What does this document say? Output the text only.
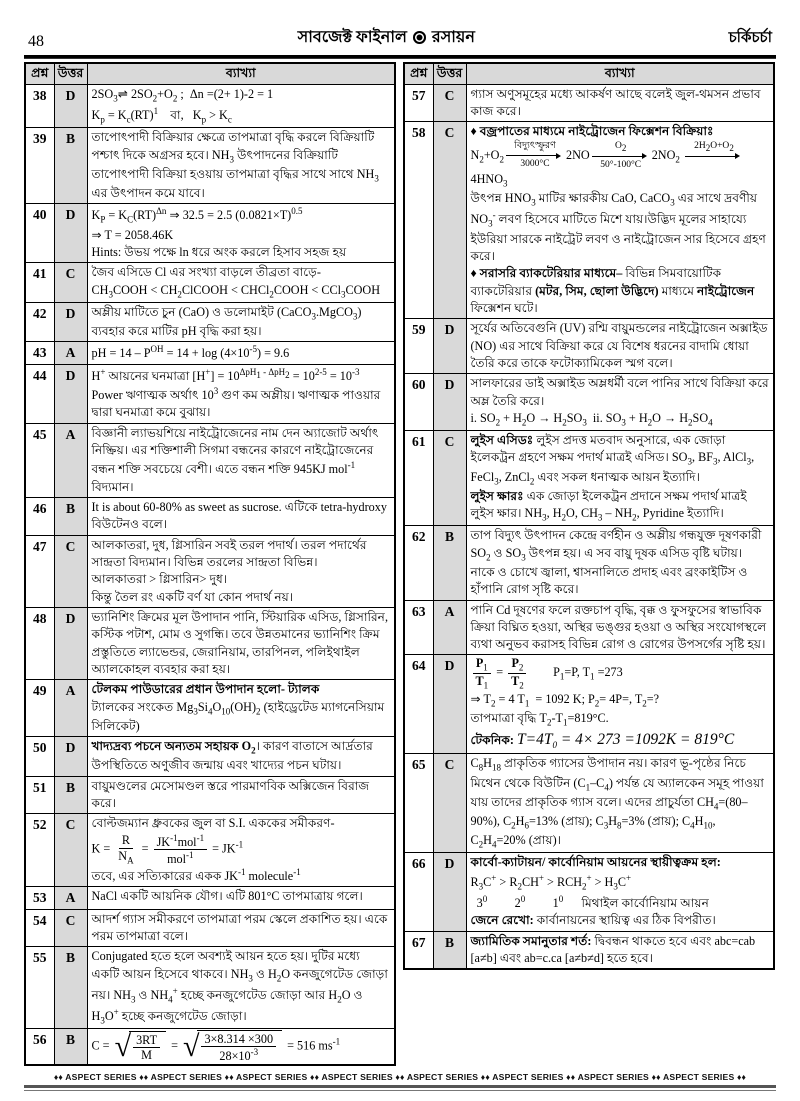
48	সাবজেক্ট ফাইনাল রসায়ন	চর্কিচর্চা
প্রশ্ন	উত্তর	ব্যাখ্যা
38	D	$2SO_3\rightleftharpoons$ $2SO_2+O_2$ ;  Δn =(2+ 1)-2 = 1
$K_p = K_c(RT)^1$    বা,   $K_p > K_c$
39	B	তাপোৎপাদী বিক্রিয়ার ক্ষেত্রে তাপমাত্রা বৃদ্ধি করলে বিক্রিয়াটি পশ্চাৎ দিকে অগ্রসর হবে। $NH_3$ উৎপাদনের বিক্রিয়াটি তাপোৎপাদী বিক্রিয়া হওয়ায় তাপমাত্রা বৃদ্ধির সাথে সাথে $NH_3$ এর উৎপাদন কমে যাবে।
40	D	$K_P = K_C(RT)^{\Delta n}$ ⇒ 32.5 = 2.5 $(0.0821\times T)^{0.5}$
⇒ T = 2058.46K
Hints: উভয় পক্ষে ln ধরে অংক করলে হিসাব সহজ হয়
41	C	জৈব এসিডে Cl এর সংখ্যা বাড়লে তীব্রতা বাড়ে-
$CH_3COOH$ < $CH_2ClCOOH$ < CHCl$_2$COOH < CCl$_3$COOH
42	D	অম্লীয় মাটিতে চুন (CaO) ও ডলোমাইট (CaCO$_3$.MgCO$_3$) ব্যবহার করে মাটির pH বৃদ্ধি করা হয়।
43	A	pH = $14 - P^{OH} = 14 + \log (4\times 10^{-5}) = 9.6$
44	D	H+ আয়নের ঘনমাত্রা $[H^+] = 10^{\Delta pH_1 - \Delta pH_2} = 10^{2-5} = 10^{-3}$
Power ঋণাত্মক অর্থাৎ $10^3$ গুণ কম অম্লীয়। ঋণাত্মক পাওয়ার দ্বারা ঘনমাত্রা কমে বুঝায়।
45	A	বিজ্ঞানী ল্যাভয়শিয়ে নাইট্রোজেনের নাম দেন অ্যাজোট অর্থাৎ নিষ্ক্রিয়। এর শক্তিশালী সিগমা বন্ধনের কারণে নাইট্রোজেনের বন্ধন শক্তি সবচেয়ে বেশী। এতে বন্ধন শক্তি 945KJ mol$^{-1}$ বিদ্যমান।
46	B	It is about 60-80% as sweet as sucrose. এটিকে tetra-hydroxy বিউটেনও বলে।
47	C	আলকাতরা, দুধ, গ্লিসারিন সবই তরল পদার্থ। তরল পদার্থের সান্দ্রতা বিদ্যমান। বিভিন্ন তরলের সান্দ্রতা বিভিন্ন।
আলকাতরা > গ্লিসারিন> দুধ।
কিন্তু তৈল রং একটি বর্ণ যা কোন পদার্থ নয়।
48	D	ভ্যানিশিং ক্রিমের মূল উপাদান পানি, স্টিয়ারিক এসিড, গ্লিসারিন, কস্টিক পটাশ, মোম ও সুগন্ধি। তবে উন্নতমানের ভ্যানিশিং ক্রিম প্রস্তুতিতে ল্যাভেন্ডর, জেরানিয়াম, তারপিনল, পলিইথাইল অ্যালকোহল ব্যবহার করা হয়।
49	A	টেলকম পাউডারের প্রধান উপাদান হলো- ট্যালক
ট্যালকের সংকেত $Mg_3Si_4O_{10}(OH)_2$ (হাইড্রেটেড ম্যাগনেসিয়াম সিলিকেট)
50	D	খাদ্যদ্রব্য পচনে অন্যতম সহায়ক $O_2।$ কারণ বাতাসে আর্দ্রতার উপস্থিতিতে অণুজীব জন্মায় এবং খাদ্যের পচন ঘটায়।
51	B	বায়ুমণ্ডলের মেসোমণ্ডল স্তরে পারমাণবিক অক্সিজেন বিরাজ করে।
52	C	বোল্টজম্যান ধ্রুবকের জুল বা S.I. এককের সমীকরণ-
$K = \frac{R}{N_A} = JK^{-1}mol^{-1}$
$mol^{-1} = JK^{-1}$
তবে, এর সত্যিকারের একক $JK^{-1}$ molecule$^{-1}$
53	A	NaCl একটি আয়নিক যৌগ। এটি 801°C তাপমাত্রায় গলে।
54	C	আদর্শ গ্যাস সমীকরণে তাপমাত্রা পরম স্কেলে প্রকাশিত হয়। একে পরম তাপমাত্রা বলে।
55	B	Conjugated হতে হলে অবশ্যই আয়ন হতে হয়। দুটির মধ্যে একটি আয়ন হিসেবে থাকবে। $NH_3$ ও $H_2O$ কনজুগেটেড জোড়া নয়। $NH_3$ ও $NH_4^+$ হচ্ছে কনজুগেটেড জোড়া আর $H_2O$ ও $H_3O^+$ হচ্ছে কনজুগেটেড জোড়া।
56	B	C = √ 3RT
M
= √ 3×8.314 ×300
$28\times 10^{-3} = 516$ $ms^{-1}$
প্রশ্ন	উত্তর	ব্যাখ্যা
57	C	গ্যাস অণুসমূহের মধ্যে আকর্ষণ আছে বলেই জুল-থমসন প্রভাব কাজ করে।
58	C	♦ বজ্রপাতের মাধ্যমে নাইট্রোজেন ফিক্সেশন বিক্রিয়াঃ
$N_2+O_2$
বিদ্যুৎস্ফুরণ
3000°C
2NO
$O_2$
50°-100°C
$2NO_2$
$2H_2O+O_2$

$4HNO_3$
উৎপন্ন $HNO_3$ মাটির ক্ষারকীয় CaO, CaCO$_3$ এর সাথে দ্রবণীয় $NO_3^-$ লবণ হিসেবে মাটিতে মিশে যায়।উদ্ভিদ মূলের সাহায্যে ইউরিয়া সারকে নাইট্রেট লবণ ও নাইট্রোজেন সার হিসেবে গ্রহণ করে।
♦ সরাসরি ব্যাকটেরিয়ার মাধ্যমে– বিভিন্ন সিমবায়োটিক ব্যাকটেরিয়ার (মটর, সিম, ছোলা উদ্ভিদে) মাধ্যমে নাইট্রোজেন ফিক্সেশন ঘটে।
59	D	সূর্যের অতিবেগুনি (UV) রশ্মি বায়ুমন্ডলের নাইট্রোজেন অক্সাইড (NO) এর সাথে বিক্রিয়া করে যে বিশেষ ধরনের বাদামি ধোয়া তৈরি করে তাকে ফটোক্যামিকেল স্মগ বলে।
60	D	সালফারের ডাই অক্সাইড অম্লধর্মী বলে পানির সাথে বিক্রিয়া করে অম্ল তৈরি করে।
i. $SO_2 + H_2O \to H_2SO_3$  ii. $SO_3 + H_2O \to H_2SO_4$
61	C	লুইস এসিডঃ লুইস প্রদত্ত মতবাদ অনুসারে, এক জোড়া ইলেকট্রন গ্রহণে সক্ষম পদার্থ মাত্রই এসিড। $SO_3$, $BF_3$, AlCl$_3$, FeCl$_3$, ZnCl$_2$ এবং সকল ধনাত্মক আয়ন ইত্যাদি।
লুইস ক্ষারঃ এক জোড়া ইলেকট্রন প্রদানে সক্ষম পদার্থ মাত্রই লুইস ক্ষার। $NH_3$, $H_2O$, $CH_3 - NH_2$, Pyridine ইত্যাদি।
62	B	তাপ বিদ্যুৎ উৎপাদন কেন্দ্রে বর্ণহীন ও অম্লীয় গন্ধযুক্ত দূষণকারী $SO_2$ ও $SO_3$ উৎপন্ন হয়। এ সব বায়ু দূষক এসিড বৃষ্টি ঘটায়। নাকে ও চোখে জ্বালা, শ্বাসনালিতে প্রদাহ এবং ব্রংকাইটিস ও হাঁপানি রোগ সৃষ্টি করে।
63	A	পানি Cd দূষণের ফলে রক্তচাপ বৃদ্ধি, বৃক্ক ও ফুসফুসের স্বাভাবিক ক্রিয়া বিঘ্নিত হওয়া, অস্থির ভঙ্গুর হওয়া ও অস্থির সংযোগস্থলে ব্যথা অনুভব করাসহ বিভিন্ন রোগ ও রোগের উপসর্গের সৃষ্টি হয়।
64	D	$\frac{P_1}{T_1} = \frac{P_2}{T_2} P_1=P$, $T_1 =273$
⇒ $T_2 = 4$ $T_1 = 1092$ K; $P_2= 4P=$, $T_2=$?
তাপমাত্রা বৃদ্ধি $T_2-T_1=819^\circ C$.
টেকনিক: $T=4T_0 = 4\times 273 =1092K = 819^\circ C$
65	C	$C_8H_{18}$ প্রাকৃতিক গ্যাসের উপাদান নয়। কারণ ভূ-পৃষ্ঠের নিচে মিথেন থেকে বিউটিন $(C_1-C_4)$ পর্যন্ত যে অ্যালকেন সমূহ পাওয়া যায় তাদের প্রাকৃতিক গ্যাস বলে। এদের প্রাচুর্যতা $CH_4=(80-90\%)$, $C_2H_6=13\%$ (প্রায়); $C_3H_8=3\%$ (প্রায়); $C_4H_{10}$, $C_2H_4=20\%$ (প্রায়)।
66	D	কার্বো-ক্যাটায়ন/ কার্বোনিয়াম আয়নের স্থায়ীত্বক্রম হল:
$R_3C^+ > R_2CH^+ > RCH_2^+ > H_3C^+$
$3^0$         $2^0$         $1^0$      মিথাইল কার্বোনিয়াম আয়ন
জেনে রেখো: কার্বানায়নের স্থায়িত্ব এর ঠিক বিপরীত।
67	B	জ্যামিতিক সমানুতার শর্ত: দ্বিবন্ধন থাকতে হবে এবং abc=cab [a≠b] এবং ab=c.ca [a≠b≠d] হতে হবে।
♦♦ ASPECT SERIES ♦♦ ASPECT SERIES ♦♦ ASPECT SERIES ♦♦ ASPECT SERIES ♦♦ ASPECT SERIES ♦♦ ASPECT SERIES ♦♦ ASPECT SERIES ♦♦ ASPECT SERIES ♦♦
